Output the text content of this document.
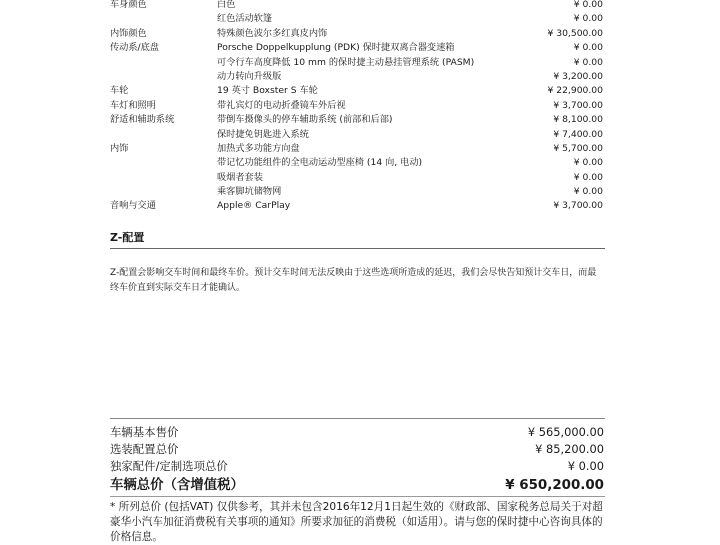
车身颜色	白色	¥ 0.00
红色活动软篷	¥ 0.00
内饰颜色	特殊颜色波尔多红真皮内饰	¥ 30,500.00
传动系/底盘	Porsche Doppelkupplung (PDK) 保时捷双离合器变速箱	¥ 0.00
可令行车高度降低 10 mm 的保时捷主动悬挂管理系统 (PASM)	¥ 0.00
动力转向升级版	¥ 3,200.00
车轮	19 英寸 Boxster S 车轮	¥ 22,900.00
车灯和照明	带礼宾灯的电动折叠镜车外后视	¥ 3,700.00
舒适和辅助系统	带倒车摄像头的停车辅助系统 (前部和后部)	¥ 8,100.00
保时捷免钥匙进入系统	¥ 7,400.00
内饰	加热式多功能方向盘	¥ 5,700.00
带记忆功能组件的全电动运动型座椅 (14 向, 电动)	¥ 0.00
吸烟者套装	¥ 0.00
乘客脚坑储物网	¥ 0.00
音响与交通	Apple® CarPlay	¥ 3,700.00
Z-配置
Z-配置会影响交车时间和最终车价。预计交车时间无法反映由于这些选项所造成的延迟，我们会尽快告知预计交车日，而最终车价直到实际交车日才能确认。
车辆基本售价	¥ 565,000.00
选装配置总价	¥ 85,200.00
独家配件/定制选项总价	¥ 0.00
车辆总价（含增值税）	¥ 650,200.00
* 所列总价 (包括VAT) 仅供参考，其并未包含2016年12月1日起生效的《财政部、国家税务总局关于对超豪华小汽车加征消费税有关事项的通知》所要求加征的消费税（如适用）。请与您的保时捷中心咨询具体的价格信息。
